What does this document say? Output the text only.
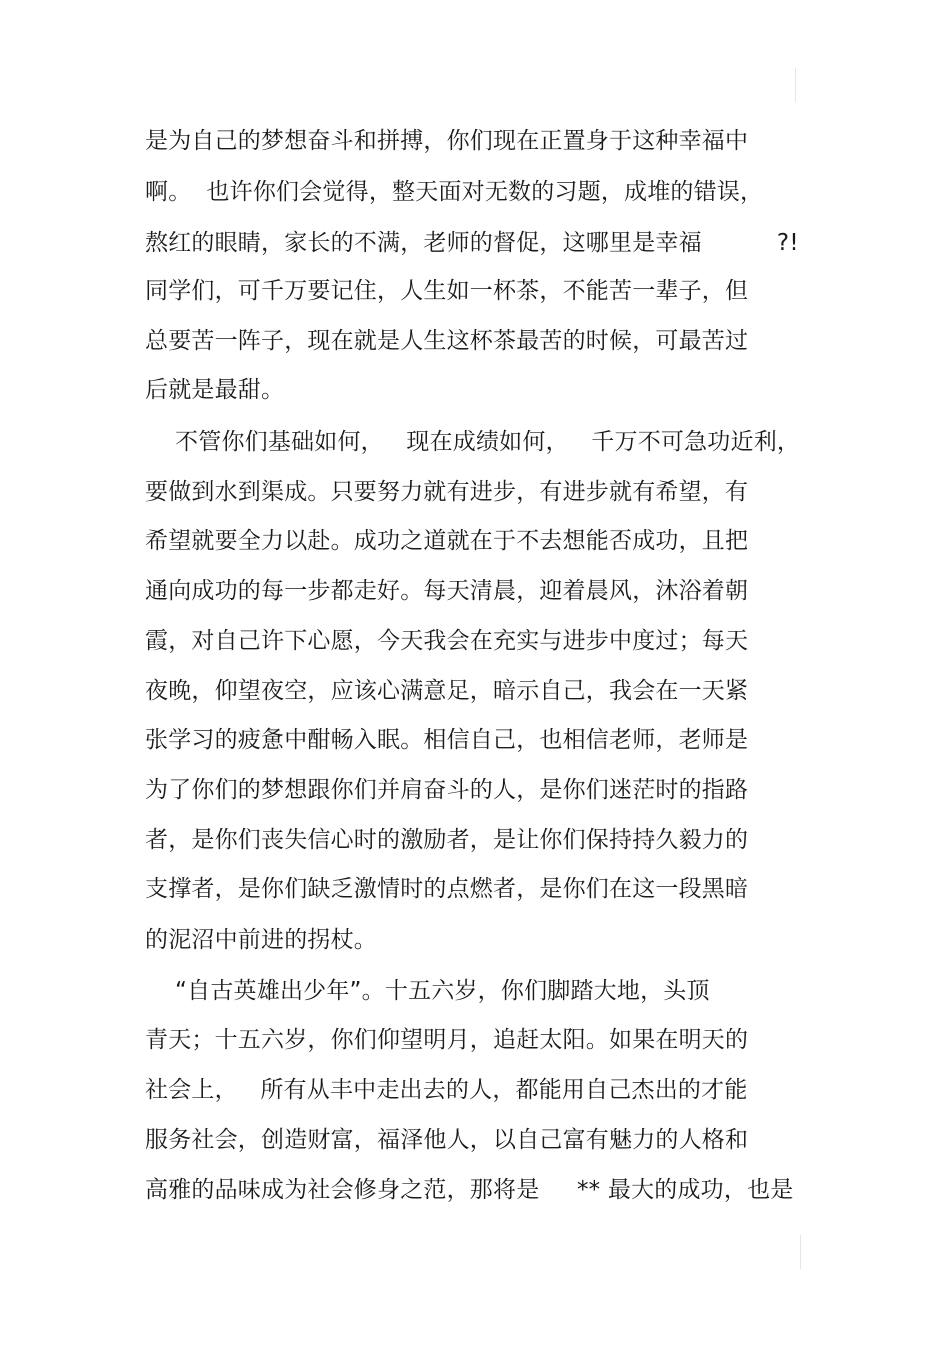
是为自己的梦想奋斗和拼搏，你们现在正置身于这种幸福中
啊。  也许你们会觉得，整天面对无数的习题，成堆的错误，
熬红的眼睛，家长的不满，老师的督促，这哪里是幸福          ?!
同学们，可千万要记住，人生如一杯茶，不能苦一辈子，但
总要苦一阵子，现在就是人生这杯茶最苦的时候，可最苦过
后就是最甜。
不管你们基础如何，   现在成绩如何，   千万不可急功近利，
要做到水到渠成。只要努力就有进步，有进步就有希望，有
希望就要全力以赴。成功之道就在于不去想能否成功，且把
通向成功的每一步都走好。每天清晨，迎着晨风，沐浴着朝
霞，对自己许下心愿，今天我会在充实与进步中度过；每天
夜晚，仰望夜空，应该心满意足，暗示自己，我会在一天紧
张学习的疲惫中酣畅入眠。相信自己，也相信老师，老师是
为了你们的梦想跟你们并肩奋斗的人，是你们迷茫时的指路
者，是你们丧失信心时的激励者，是让你们保持持久毅力的
支撑者，是你们缺乏激情时的点燃者，是你们在这一段黑暗
的泥沼中前进的拐杖。
“自古英雄出少年”。十五六岁，你们脚踏大地，头顶
青天；十五六岁，你们仰望明月，追赶太阳。如果在明天的
社会上，   所有从丰中走出去的人，都能用自己杰出的才能
服务社会，创造财富，福泽他人，以自己富有魅力的人格和
高雅的品味成为社会修身之范，那将是     ** 最大的成功，也是
